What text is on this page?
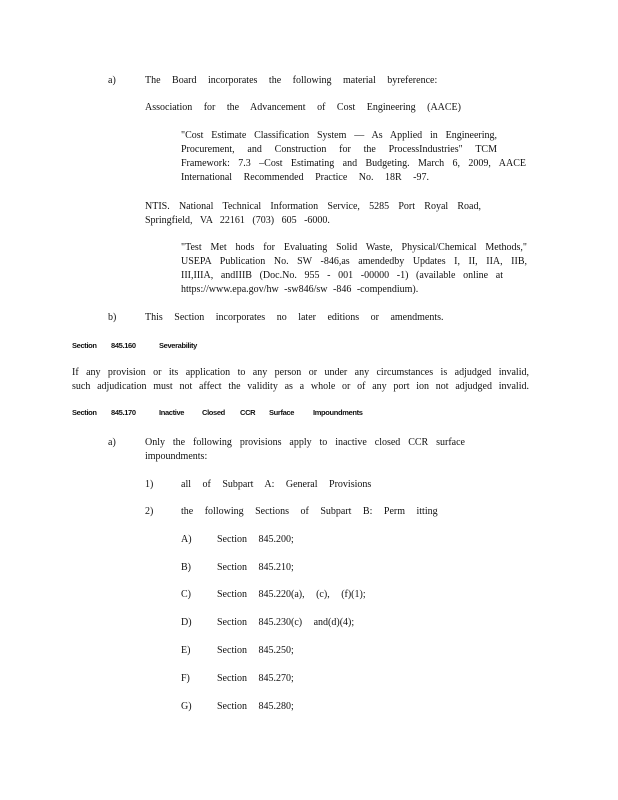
a)	The Board incorporates the following material byreference:
Association for the Advancement of Cost Engineering (AACE)
"Cost Estimate Classification System — As Applied in Engineering,
Procurement, and Construction for the ProcessIndustries" TCM
Framework: 7.3 –Cost Estimating and Budgeting. March 6, 2009, AACE
International Recommended Practice No. 18R -97.
NTIS. National Technical Information Service, 5285 Port Royal Road,
Springfield, VA 22161 (703) 605 -6000.
"Test Met hods for Evaluating Solid Waste, Physical/Chemical Methods,"
USEPA Publication No. SW -846,as amendedby Updates I, II, IIA, IIB,
III,IIIA, andIIIB (Doc.No. 955 - 001 -00000 -1) (available online at
https://www.epa.gov/hw -sw846/sw -846 -compendium).
b)	This Section incorporates no later editions or amendments.
Section 845.160	Severability
If any provision or its application to any person or under any circumstances is adjudged invalid,
such adjudication must not affect the validity as a whole or of any port ion not adjudged invalid.
Section 845.170	Inactive Closed CCR Surface	Impoundments
a)	Only the following provisions apply to inactive closed CCR surface
impoundments:
1)	all of Subpart A: General Provisions
2)	the following Sections of Subpart B: Perm itting
A)	Section 845.200;
B)	Section 845.210;
C)	Section 845.220(a), (c), (f)(1);
D)	Section 845.230(c) and(d)(4);
E)	Section 845.250;
F)	Section 845.270;
G)	Section 845.280;
